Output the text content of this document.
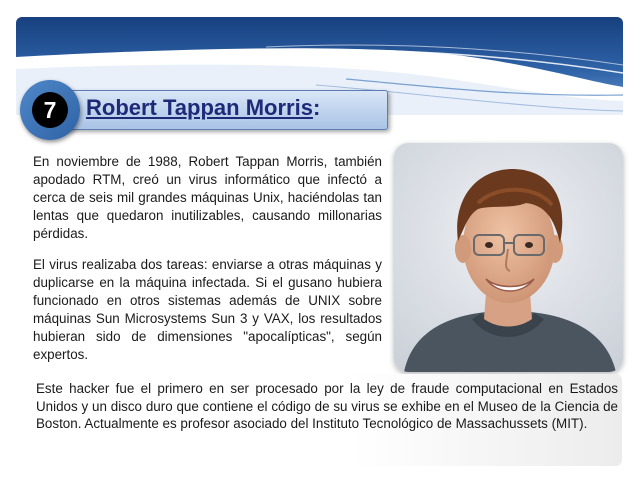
Robert Tappan Morris:
7

En noviembre de 1988, Robert Tappan Morris, también apodado RTM, creó un virus informático que infectó a cerca de seis mil grandes máquinas Unix, haciéndolas tan lentas que quedaron inutilizables, causando millonarias pérdidas.

El virus realizaba dos tareas: enviarse a otras máquinas y duplicarse en la máquina infectada. Si el gusano hubiera funcionado en otros sistemas además de UNIX sobre máquinas Sun Microsystems Sun 3 y VAX, los resultados hubieran sido de dimensiones "apocalípticas", según expertos.

Este hacker fue el primero en ser procesado por la ley de fraude computacional en Estados Unidos y un disco duro que contiene el código de su virus se exhibe en el Museo de la Ciencia de Boston. Actualmente es profesor asociado del Instituto Tecnológico de Massachussets (MIT).
